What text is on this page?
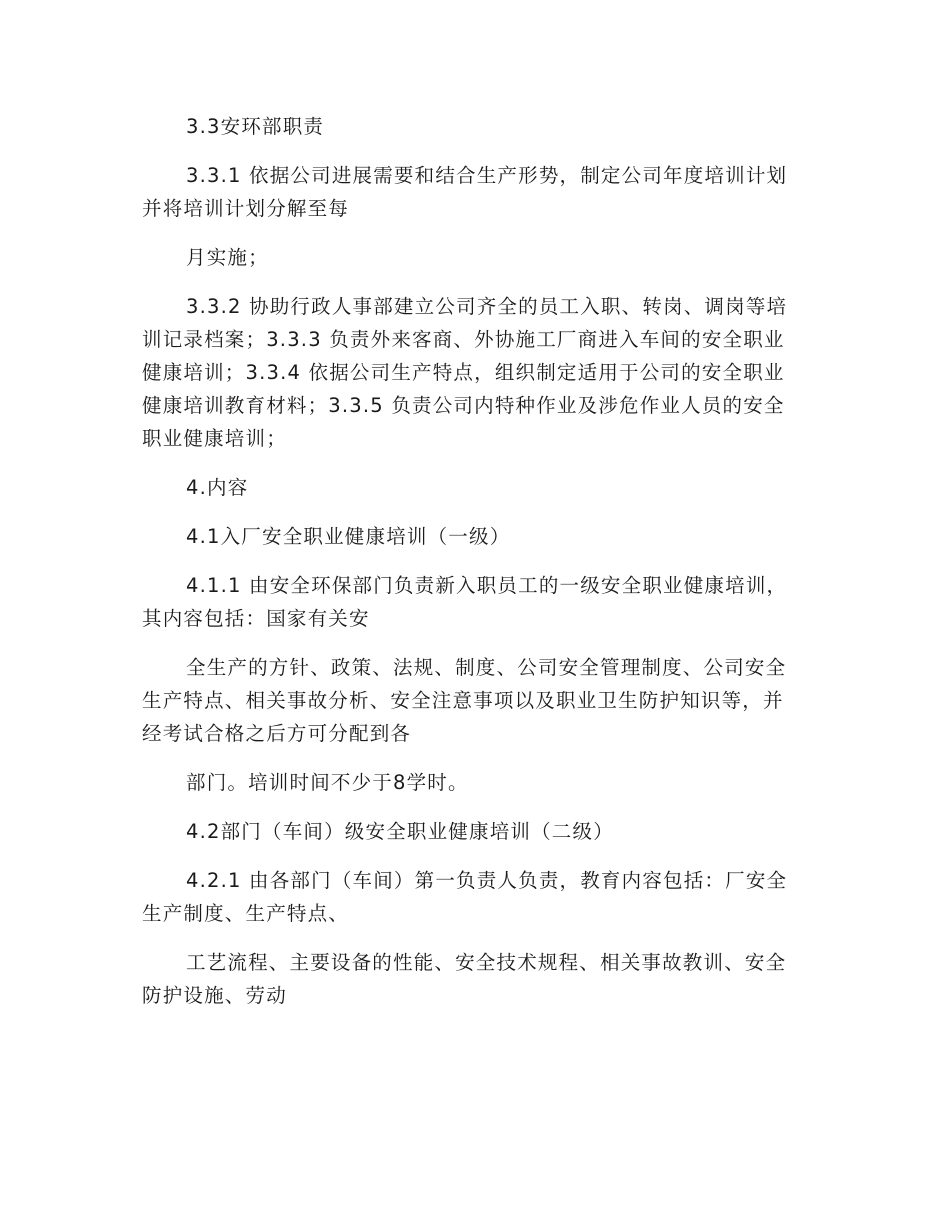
3.3安环部职责

3.3.1 依据公司进展需要和结合生产形势，制定公司年度培训计划并将培训计划分解至每

月实施；

3.3.2 协助行政人事部建立公司齐全的员工入职、转岗、调岗等培训记录档案；3.3.3 负责外来客商、外协施工厂商进入车间的安全职业健康培训；3.3.4 依据公司生产特点，组织制定适用于公司的安全职业健康培训教育材料；3.3.5 负责公司内特种作业及涉危作业人员的安全职业健康培训；

4.内容

4.1入厂安全职业健康培训（一级）

4.1.1 由安全环保部门负责新入职员工的一级安全职业健康培训，其内容包括：国家有关安

全生产的方针、政策、法规、制度、公司安全管理制度、公司安全生产特点、相关事故分析、安全注意事项以及职业卫生防护知识等，并经考试合格之后方可分配到各

部门。培训时间不少于8学时。

4.2部门（车间）级安全职业健康培训（二级）

4.2.1 由各部门（车间）第一负责人负责，教育内容包括：厂安全生产制度、生产特点、

工艺流程、主要设备的性能、安全技术规程、相关事故教训、安全防护设施、劳动
